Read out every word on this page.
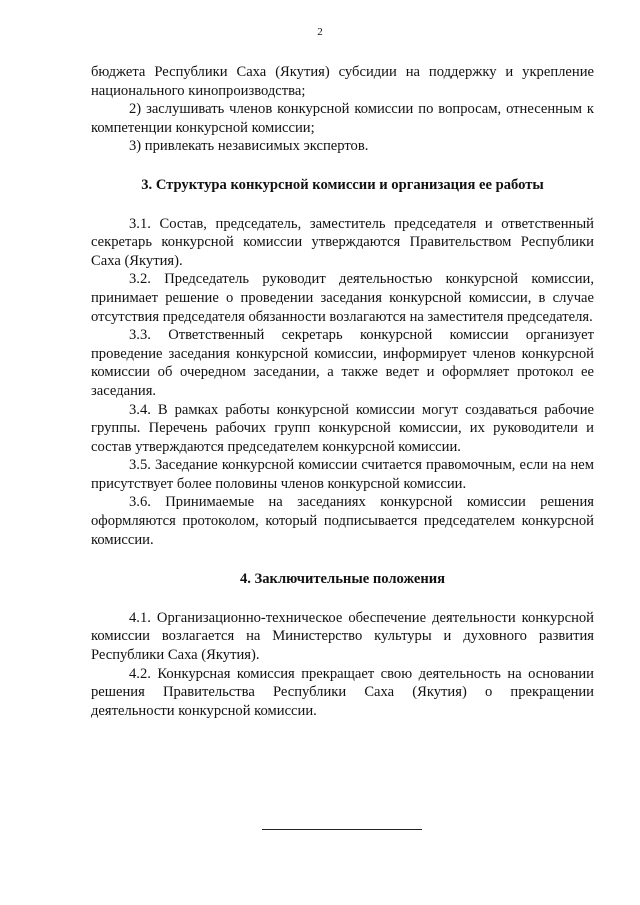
2

бюджета Республики Саха (Якутия) субсидии на поддержку и укрепление национального кинопроизводства;

2) заслушивать членов конкурсной комиссии по вопросам, отнесенным к компетенции конкурсной комиссии;

3) привлекать независимых экспертов.

3. Структура конкурсной комиссии и организация ее работы

3.1. Состав, председатель, заместитель председателя и ответственный секретарь конкурсной комиссии утверждаются Правительством Республики Саха (Якутия).

3.2. Председатель руководит деятельностью конкурсной комиссии, принимает решение о проведении заседания конкурсной комиссии, в случае отсутствия председателя обязанности возлагаются на заместителя председателя.

3.3. Ответственный секретарь конкурсной комиссии организует проведение заседания конкурсной комиссии, информирует членов конкурсной комиссии об очередном заседании, а также ведет и оформляет протокол ее заседания.

3.4. В рамках работы конкурсной комиссии могут создаваться рабочие группы. Перечень рабочих групп конкурсной комиссии, их руководители и состав утверждаются председателем конкурсной комиссии.

3.5. Заседание конкурсной комиссии считается правомочным, если на нем присутствует более половины членов конкурсной комиссии.

3.6. Принимаемые на заседаниях конкурсной комиссии решения оформляются протоколом, который подписывается председателем конкурсной комиссии.

4. Заключительные положения

4.1. Организационно-техническое обеспечение деятельности конкурсной комиссии возлагается на Министерство культуры и духовного развития Республики Саха (Якутия).

4.2. Конкурсная комиссия прекращает свою деятельность на основании решения Правительства Республики Саха (Якутия) о прекращении деятельности конкурсной комиссии.
